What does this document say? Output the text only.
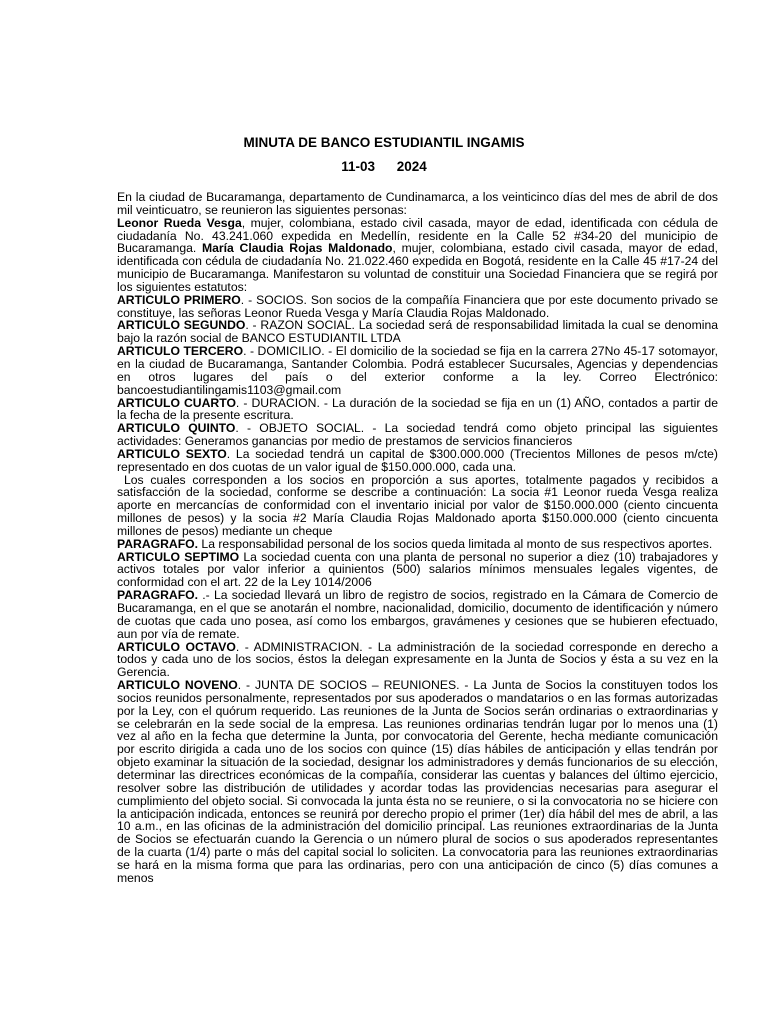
MINUTA DE BANCO ESTUDIANTIL INGAMIS
11-03 2024

En la ciudad de Bucaramanga, departamento de Cundinamarca, a los veinticinco días del mes de abril de dos mil veinticuatro, se reunieron las siguientes personas:

Leonor Rueda Vesga, mujer, colombiana, estado civil casada, mayor de edad, identificada con cédula de ciudadanía No. 43.241.060 expedida en Medellín, residente en la Calle 52 #34-20 del municipio de Bucaramanga. María Claudia Rojas Maldonado, mujer, colombiana, estado civil casada, mayor de edad, identificada con cédula de ciudadanía No. 21.022.460 expedida en Bogotá, residente en la Calle 45 #17-24 del municipio de Bucaramanga. Manifestaron su voluntad de constituir una Sociedad Financiera que se regirá por los siguientes estatutos:

ARTICULO PRIMERO. - SOCIOS. Son socios de la compañía Financiera que por este documento privado se constituye, las señoras Leonor Rueda Vesga y María Claudia Rojas Maldonado.

ARTICULO SEGUNDO. - RAZON SOCIAL. La sociedad será de responsabilidad limitada la cual se denomina bajo la razón social de BANCO ESTUDIANTIL LTDA

ARTICULO TERCERO. - DOMICILIO. - El domicilio de la sociedad se fija en la carrera 27No 45-17 sotomayor, en la ciudad de Bucaramanga, Santander Colombia. Podrá establecer Sucursales, Agencias y dependencias en otros lugares del país o del exterior conforme a la ley. Correo Electrónico: bancoestudiantilingamis1103@gmail.com

ARTICULO CUARTO. - DURACION. - La duración de la sociedad se fija en un (1) AÑO, contados a partir de la fecha de la presente escritura.

ARTICULO QUINTO. - OBJETO SOCIAL. - La sociedad tendrá como objeto principal las siguientes actividades: Generamos ganancias por medio de prestamos de servicios financieros

ARTICULO SEXTO. La sociedad tendrá un capital de $300.000.000 (Trecientos Millones de pesos m/cte) representado en dos cuotas de un valor igual de $150.000.000, cada una.

Los cuales corresponden a los socios en proporción a sus aportes, totalmente pagados y recibidos a satisfacción de la sociedad, conforme se describe a continuación: La socia #1 Leonor rueda Vesga realiza aporte en mercancías de conformidad con el inventario inicial por valor de $150.000.000 (ciento cincuenta millones de pesos) y la socia #2 María Claudia Rojas Maldonado aporta $150.000.000 (ciento cincuenta millones de pesos) mediante un cheque

PARAGRAFO. La responsabilidad personal de los socios queda limitada al monto de sus respectivos aportes.

ARTICULO SEPTIMO La sociedad cuenta con una planta de personal no superior a diez (10) trabajadores y activos totales por valor inferior a quinientos (500) salarios mínimos mensuales legales vigentes, de conformidad con el art. 22 de la Ley 1014/2006

PARAGRAFO. .- La sociedad llevará un libro de registro de socios, registrado en la Cámara de Comercio de Bucaramanga, en el que se anotarán el nombre, nacionalidad, domicilio, documento de identificación y número de cuotas que cada uno posea, así como los embargos, gravámenes y cesiones que se hubieren efectuado, aun por vía de remate.

ARTICULO OCTAVO. - ADMINISTRACION. - La administración de la sociedad corresponde en derecho a todos y cada uno de los socios, éstos la delegan expresamente en la Junta de Socios y ésta a su vez en la Gerencia.

ARTICULO NOVENO. - JUNTA DE SOCIOS – REUNIONES. - La Junta de Socios la constituyen todos los socios reunidos personalmente, representados por sus apoderados o mandatarios o en las formas autorizadas por la Ley, con el quórum requerido. Las reuniones de la Junta de Socios serán ordinarias o extraordinarias y se celebrarán en la sede social de la empresa. Las reuniones ordinarias tendrán lugar por lo menos una (1) vez al año en la fecha que determine la Junta, por convocatoria del Gerente, hecha mediante comunicación por escrito dirigida a cada uno de los socios con quince (15) días hábiles de anticipación y ellas tendrán por objeto examinar la situación de la sociedad, designar los administradores y demás funcionarios de su elección, determinar las directrices económicas de la compañía, considerar las cuentas y balances del último ejercicio, resolver sobre las distribución de utilidades y acordar todas las providencias necesarias para asegurar el cumplimiento del objeto social. Si convocada la junta ésta no se reuniere, o si la convocatoria no se hiciere con la anticipación indicada, entonces se reunirá por derecho propio el primer (1er) día hábil del mes de abril, a las 10 a.m., en las oficinas de la administración del domicilio principal. Las reuniones extraordinarias de la Junta de Socios se efectuarán cuando la Gerencia o un número plural de socios o sus apoderados representantes de la cuarta (1/4) parte o más del capital social lo soliciten. La convocatoria para las reuniones extraordinarias se hará en la misma forma que para las ordinarias, pero con una anticipación de cinco (5) días comunes a menos
